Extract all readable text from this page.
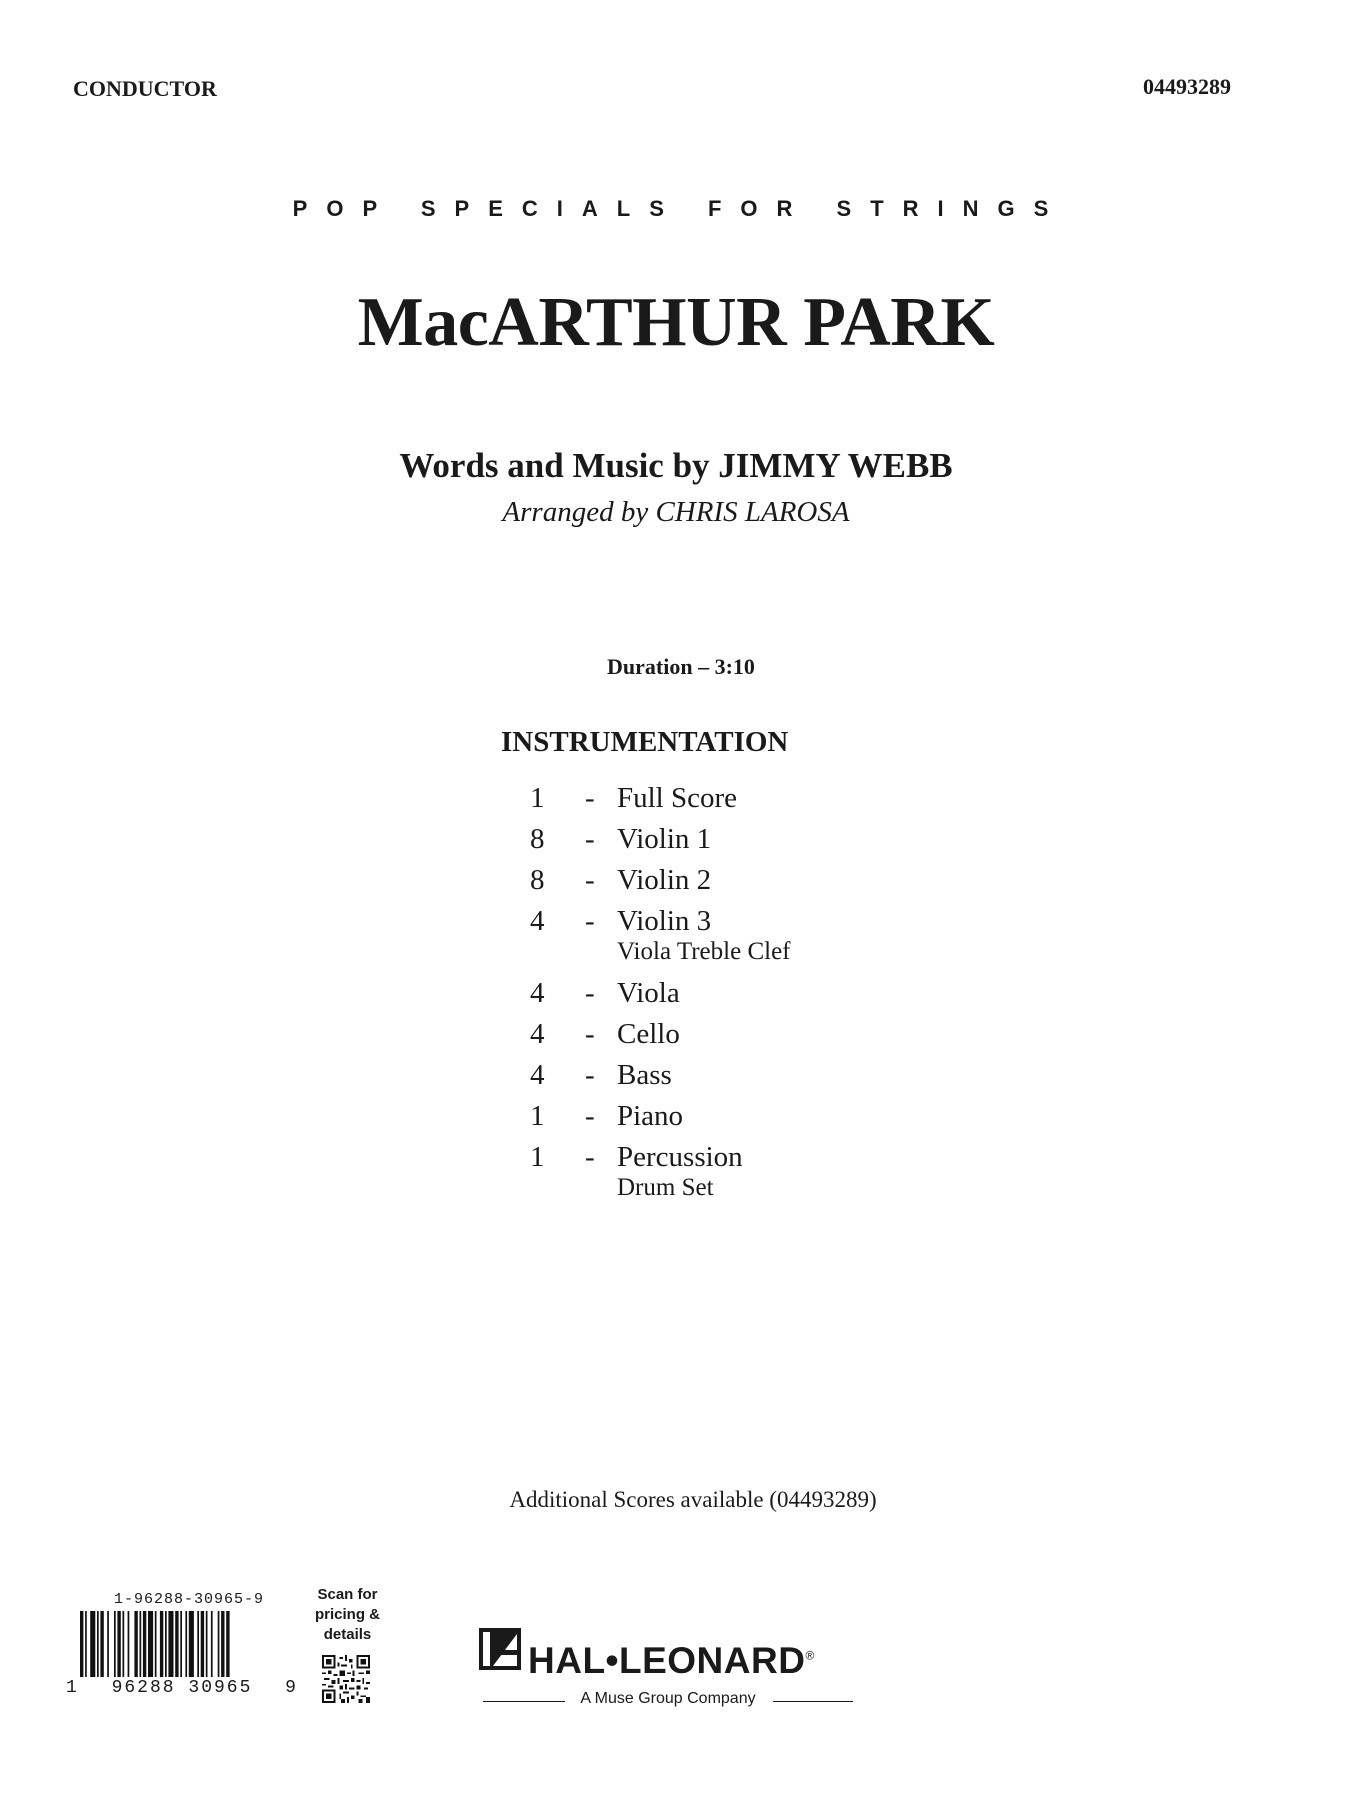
CONDUCTOR	04493289
POP SPECIALS FOR STRINGS
MacARTHUR PARK
Words and Music by JIMMY WEBB
Arranged by CHRIS LAROSA
Duration – 3:10
INSTRUMENTATION
1	- Full Score
8	- Violin 1
8	- Violin 2
4	- Violin 3
Viola Treble Clef
4	- Viola
4	- Cello
4	- Bass
1	- Piano
1	- Percussion
Drum Set
Additional Scores available (04493289)
1-96288-30965-9
1 96288 30965 9
Scan for
pricing &
details
HAL•LEONARD®
A Muse Group Company
